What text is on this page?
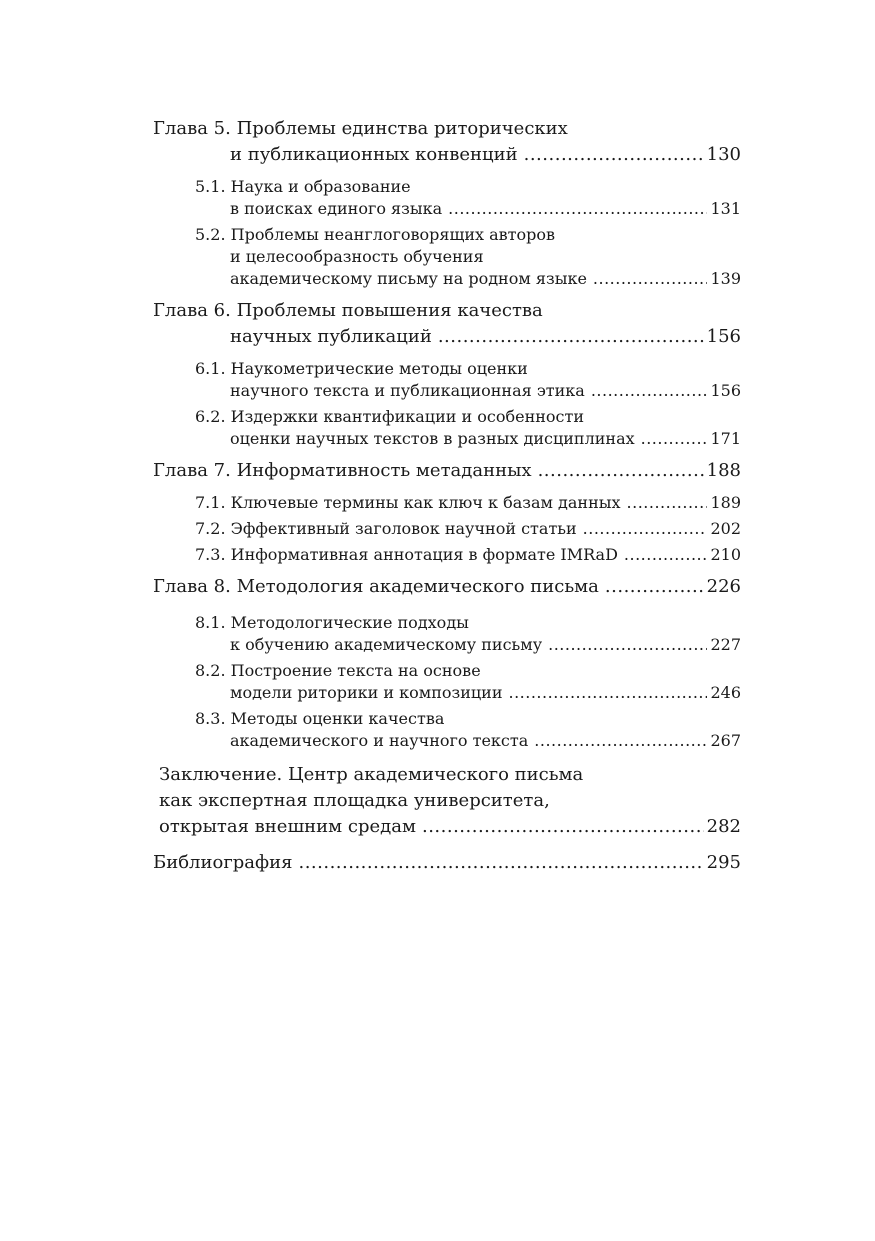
Глава 5. Проблемы единства риторических
и публикационных конвенций .....	130
5.1. Наука и образование
в поисках единого языка .....	131
5.2. Проблемы неанглоговорящих авторов
и целесообразность обучения
академическому письму на родном языке .....	139
Глава 6. Проблемы повышения качества
научных публикаций .....	156
6.1. Наукометрические методы оценки
научного текста и публикационная этика .....	156
6.2. Издержки квантификации и особенности
оценки научных текстов в разных дисциплинах .....	171
Глава 7. Информативность метаданных .....	188
7.1. Ключевые термины как ключ к базам данных .....	189
7.2. Эффективный заголовок научной статьи .....	202
7.3. Информативная аннотация в формате IMRaD .....	210
Глава 8. Методология академического письма .....	226
8.1. Методологические подходы
к обучению академическому письму .....	227
8.2. Построение текста на основе
модели риторики и композиции .....	246
8.3. Методы оценки качества
академического и научного текста .....	267
Заключение. Центр академического письма
как экспертная площадка университета,
открытая внешним средам .....	282
Библиография .....	295
